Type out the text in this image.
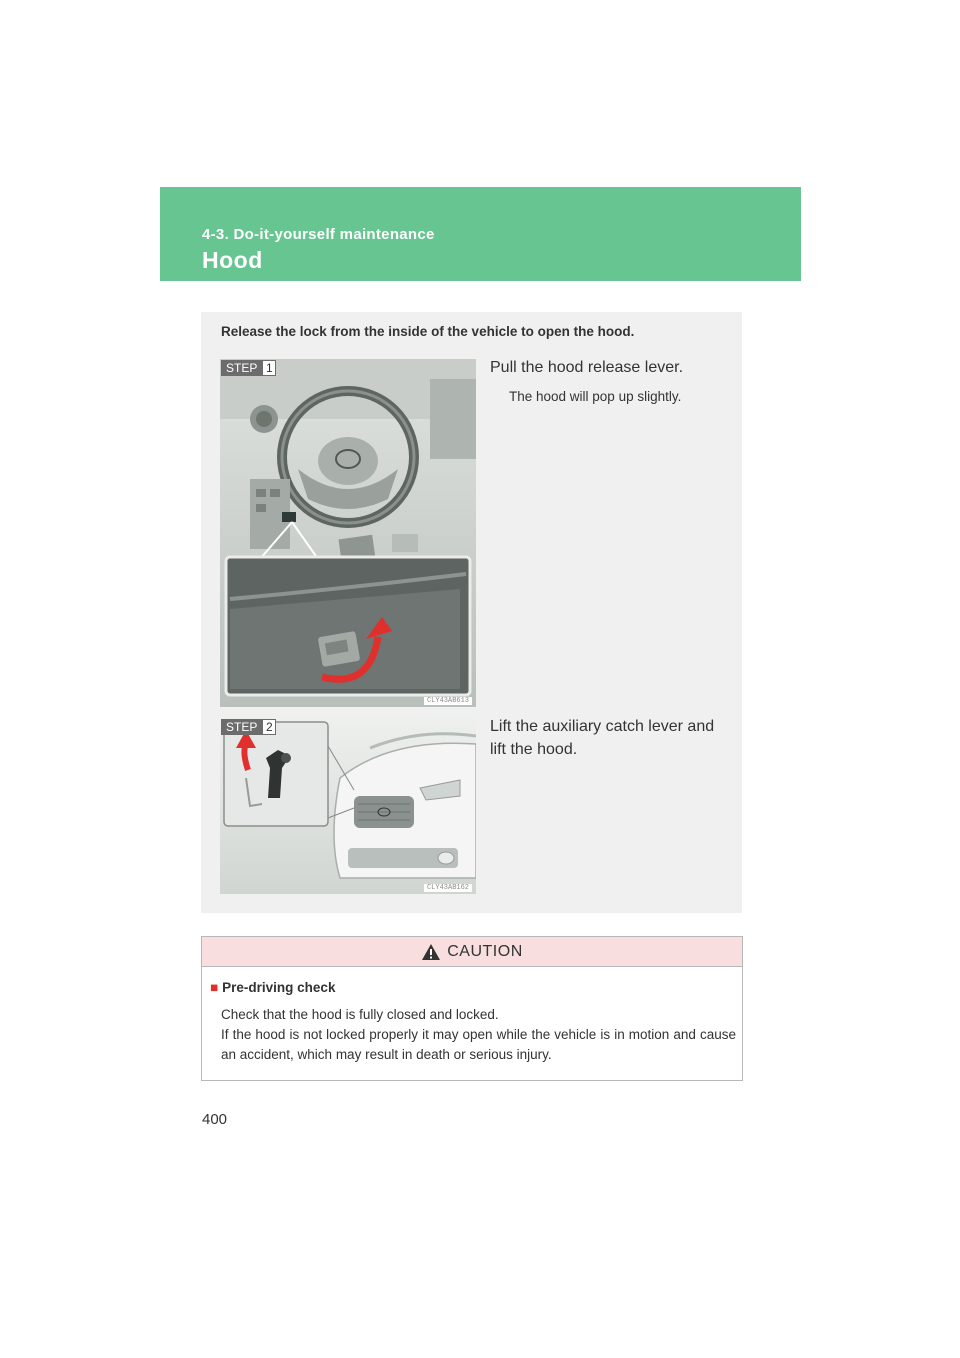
4-3. Do-it-yourself maintenance
Hood
Release the lock from the inside of the vehicle to open the hood.
STEP 1
CLY43AB613
Pull the hood release lever.
The hood will pop up slightly.
STEP 2
CLY43AB162
Lift the auxiliary catch lever and lift the hood.
CAUTION
■ Pre-driving check

Check that the hood is fully closed and locked.

If the hood is not locked properly it may open while the vehicle is in motion and cause an accident, which may result in death or serious injury.

400
